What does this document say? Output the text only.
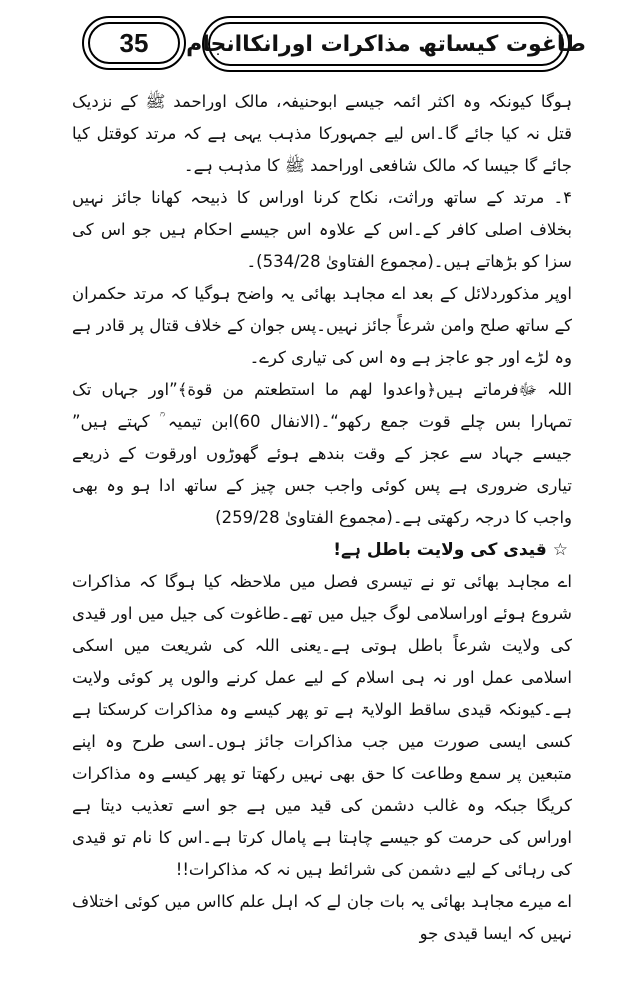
35	طاغوت کیساتھ مذاکرات اورانکاانجام

ہوگا کیونکہ وہ اکثر ائمہ جیسے ابوحنیفہ، مالک اوراحمد ﷺ کے نزدیک قتل نہ کیا جائے گا۔اس لیے جمہورکا مذہب یہی ہے کہ مرتد کوقتل کیا جائے گا جیسا کہ مالک شافعی اوراحمد ﷺ کا مذہب ہے۔

۴۔ مرتد کے ساتھ وراثت، نکاح کرنا اوراس کا ذبیحہ کھانا جائز نہیں بخلاف اصلی کافر کے۔اس کے علاوہ اس جیسے احکام ہیں جو اس کی سزا کو بڑھاتے ہیں۔(مجموع الفتاویٰ 534/28)۔

اوپر مذکوردلائل کے بعد اے مجاہد بھائی یہ واضح ہوگیا کہ مرتد حکمران کے ساتھ صلح وامن شرعاً جائز نہیں۔پس جوان کے خلاف قتال پر قادر ہے وہ لڑے اور جو عاجز ہے وہ اس کی تیاری کرے۔

اللہ ﷻفرماتے ہیں﴿واعدوا لهم ما استطعتم من قوة﴾”اور جہاں تک تمہارا بس چلے قوت جمع رکھو“۔(الانفال 60)ابن تیمیہ ؒ کہتے ہیں” جیسے جہاد سے عجز کے وقت بندھے ہوئے گھوڑوں اورقوت کے ذریعے تیاری ضروری ہے پس کوئی واجب جس چیز کے ساتھ ادا ہو وہ بھی واجب کا درجہ رکھتی ہے۔(مجموع الفتاویٰ 259/28)

☆قیدی کی ولایت باطل ہے!

اے مجاہد بھائی تو نے تیسری فصل میں ملاحظہ کیا ہوگا کہ مذاکرات شروع ہوئے اوراسلامی لوگ جیل میں تھے۔طاغوت کی جیل میں اور قیدی کی ولایت شرعاً باطل ہوتی ہے۔یعنی اللہ کی شریعت میں اسکی اسلامی عمل اور نہ ہی اسلام کے لیے عمل کرنے والوں پر کوئی ولایت ہے۔کیونکہ قیدی ساقط الولایۃ ہے تو پھر کیسے وہ مذاکرات کرسکتا ہے کسی ایسی صورت میں جب مذاکرات جائز ہوں۔اسی طرح وہ اپنے متبعین پر سمع وطاعت کا حق بھی نہیں رکھتا تو پھر کیسے وہ مذاکرات کریگا جبکہ وہ غالب دشمن کی قید میں ہے جو اسے تعذیب دیتا ہے اوراس کی حرمت کو جیسے چاہتا ہے پامال کرتا ہے۔اس کا نام تو قیدی کی رہائی کے لیے دشمن کی شرائط ہیں نہ کہ مذاکرات!!

اے میرے مجاہد بھائی یہ بات جان لے کہ اہل علم کااس میں کوئی اختلاف نہیں کہ ایسا قیدی جو
